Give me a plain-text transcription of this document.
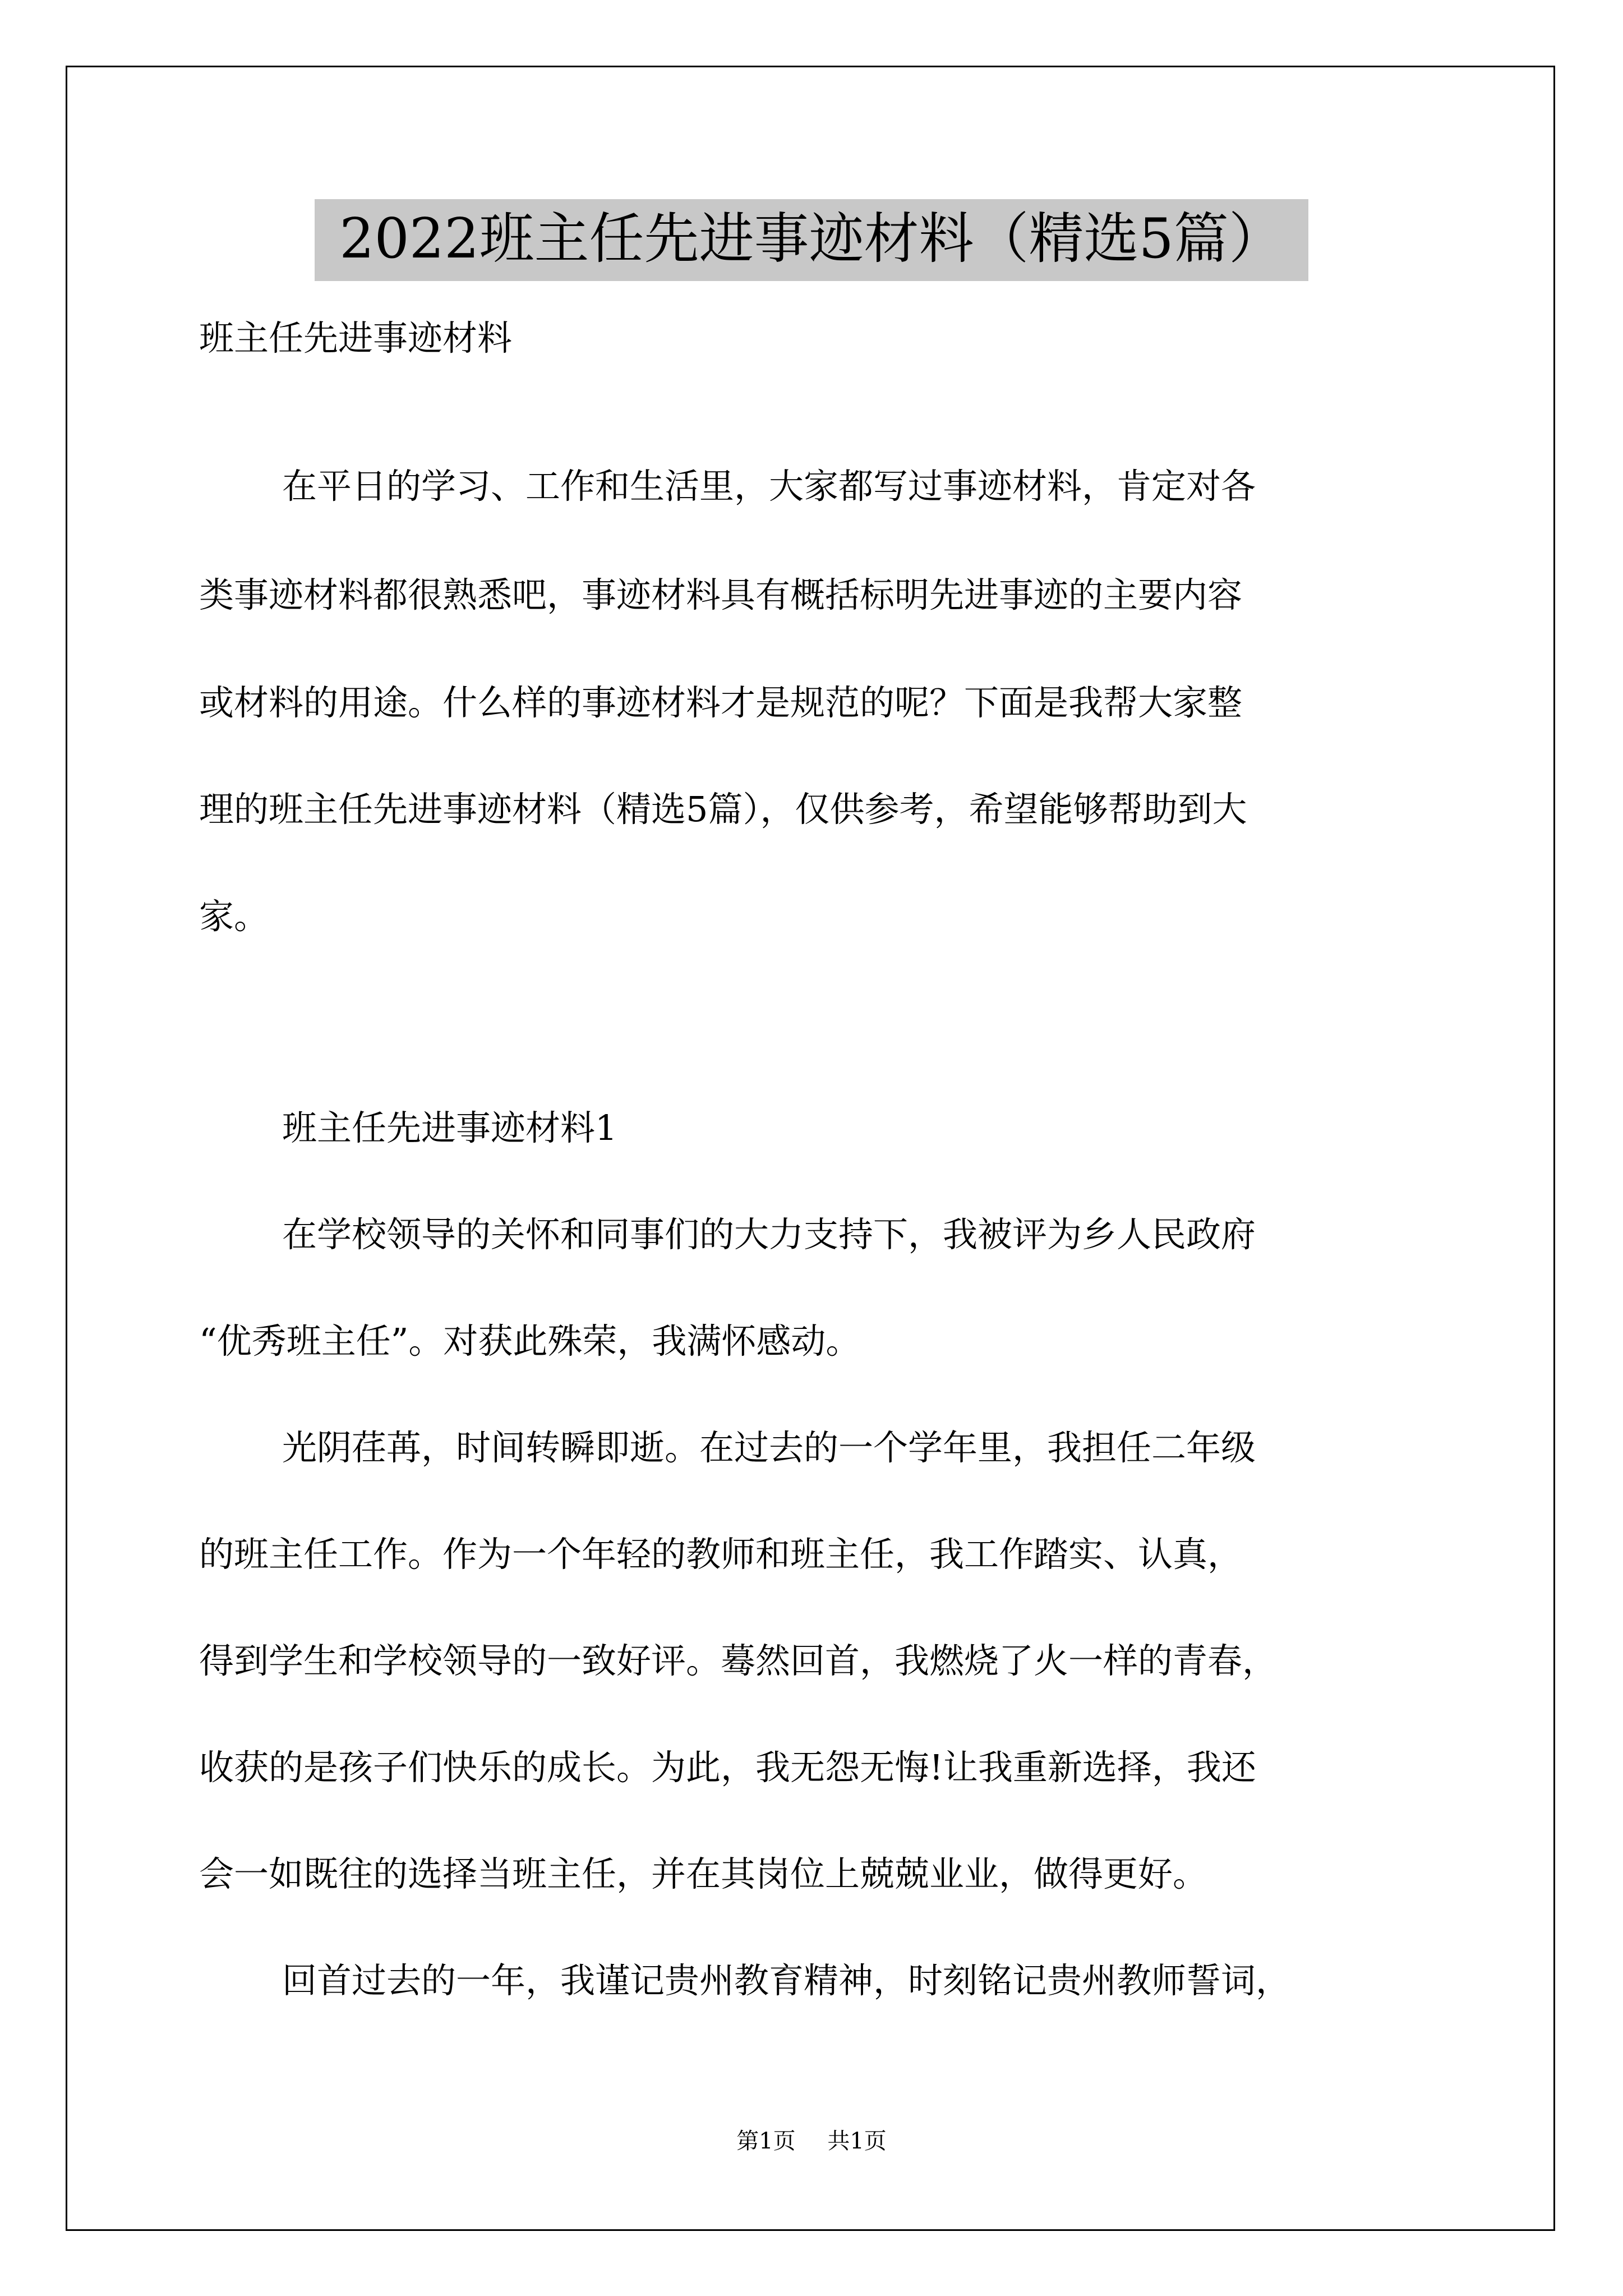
2022班主任先进事迹材料（精选5篇）
班主任先进事迹材料
在平日的学习、工作和生活里，大家都写过事迹材料，肯定对各
类事迹材料都很熟悉吧，事迹材料具有概括标明先进事迹的主要内容
或材料的用途。什么样的事迹材料才是规范的呢？下面是我帮大家整
理的班主任先进事迹材料（精选5篇），仅供参考，希望能够帮助到大
家。
班主任先进事迹材料1
在学校领导的关怀和同事们的大力支持下，我被评为乡人民政府
“优秀班主任”。对获此殊荣，我满怀感动。
光阴荏苒，时间转瞬即逝。在过去的一个学年里，我担任二年级
的班主任工作。作为一个年轻的教师和班主任，我工作踏实、认真，
得到学生和学校领导的一致好评。蓦然回首，我燃烧了火一样的青春，
收获的是孩子们快乐的成长。为此，我无怨无悔!让我重新选择，我还
会一如既往的选择当班主任，并在其岗位上兢兢业业，做得更好。
回首过去的一年，我谨记贵州教育精神，时刻铭记贵州教师誓词，
第1页 共1页
